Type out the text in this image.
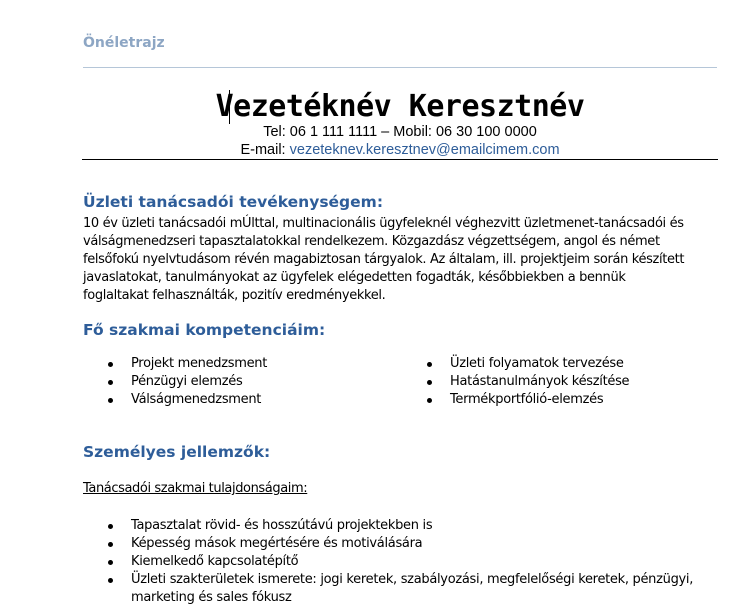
Önéletrajz
Vezetéknév Keresztnév
Tel: 06 1 111 1111 – Mobil: 06 30 100 0000
E-mail: vezeteknev.keresztnev@emailcimem.com
Üzleti tanácsadói tevékenységem:
10 év üzleti tanácsadói mÚlttal, multinacionális ügyfeleknél véghezvitt üzletmenet-tanácsadói és
válságmenedzseri tapasztalatokkal rendelkezem. Közgazdász végzettségem, angol és német
felsőfokú nyelvtudásom révén magabiztosan tárgyalok. Az általam, ill. projektjeim során készített
javaslatokat, tanulmányokat az ügyfelek elégedetten fogadták, későbbiekben a bennük
foglaltakat felhasználták, pozitív eredményekkel.
Fő szakmai kompetenciáim:
Projekt menedzsment
Pénzügyi elemzés
Válságmenedzsment
Üzleti folyamatok tervezése
Hatástanulmányok készítése
Termékportfólió-elemzés
Személyes jellemzők:
Tanácsadói szakmai tulajdonságaim:
Tapasztalat rövid- és hosszútávú projektekben is
Képesség mások megértésére és motiválására
Kiemelkedő kapcsolatépítő
Üzleti szakterületek ismerete: jogi keretek, szabályozási, megfelelőségi keretek, pénzügyi,
marketing és sales fókusz
